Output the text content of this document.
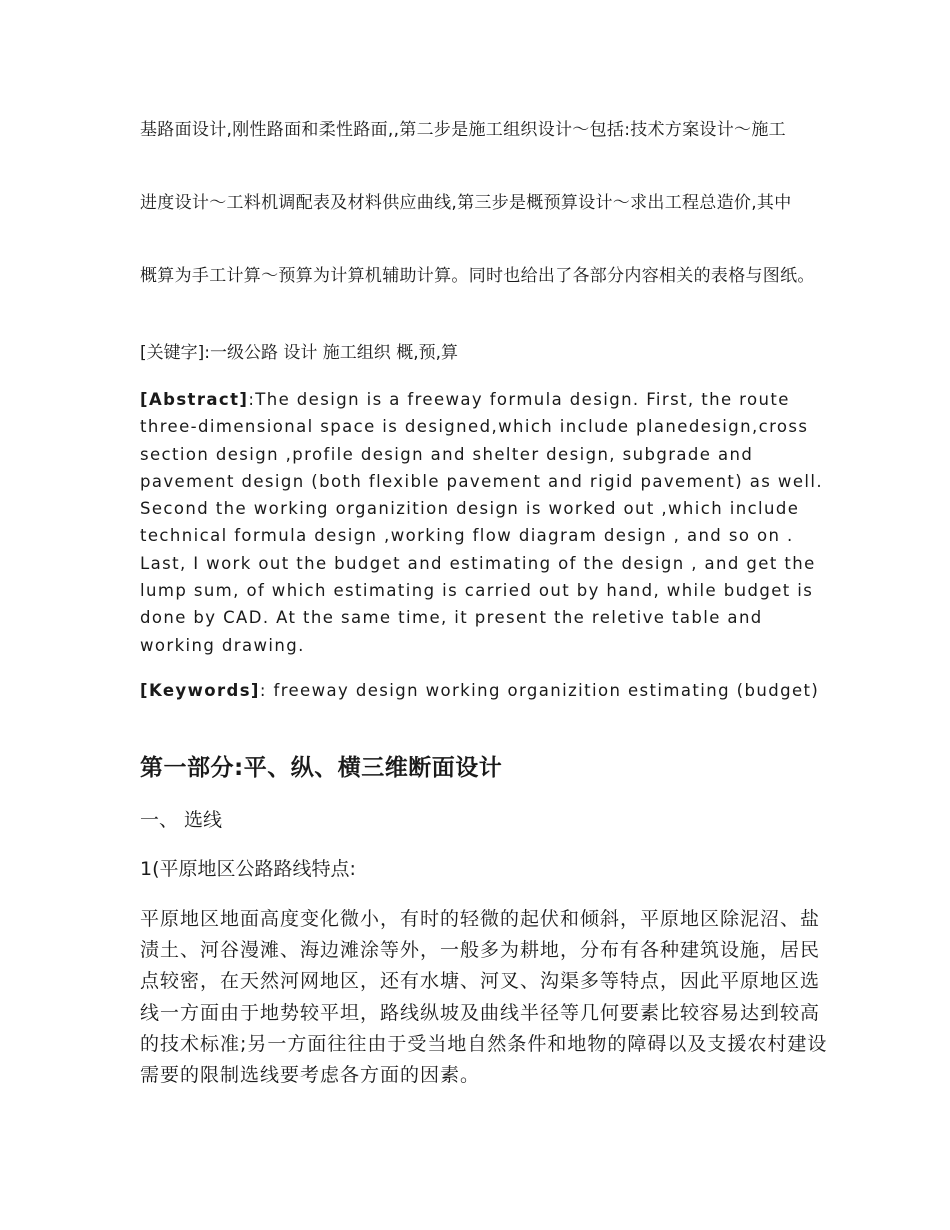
基路面设计,刚性路面和柔性路面,,第二步是施工组织设计～包括:技术方案设计～施工

进度设计～工料机调配表及材料供应曲线,第三步是概预算设计～求出工程总造价,其中

概算为手工计算～预算为计算机辅助计算。同时也给出了各部分内容相关的表格与图纸。

[关键字]:一级公路 设计 施工组织 概,预,算

[Abstract]:The design is a freeway formula design. First, the route three-dimensional space is designed,which include planedesign,cross section design ,profile design and shelter design, subgrade and pavement design (both flexible pavement and rigid pavement) as well. Second the working organizition design is worked out ,which include technical formula design ,working flow diagram design , and so on . Last, I work out the budget and estimating of the design , and get the lump sum, of which estimating is carried out by hand, while budget is done by CAD. At the same time, it present the reletive table and working drawing.

[Keywords]: freeway design working organizition estimating (budget)

第一部分:平、纵、横三维断面设计
一、 选线

1(平原地区公路路线特点:

平原地区地面高度变化微小，有时的轻微的起伏和倾斜，平原地区除泥沼、盐渍土、河谷漫滩、海边滩涂等外，一般多为耕地，分布有各种建筑设施，居民点较密，在天然河网地区，还有水塘、河叉、沟渠多等特点，因此平原地区选线一方面由于地势较平坦，路线纵坡及曲线半径等几何要素比较容易达到较高的技术标准;另一方面往往由于受当地自然条件和地物的障碍以及支援农村建设需要的限制选线要考虑各方面的因素。
